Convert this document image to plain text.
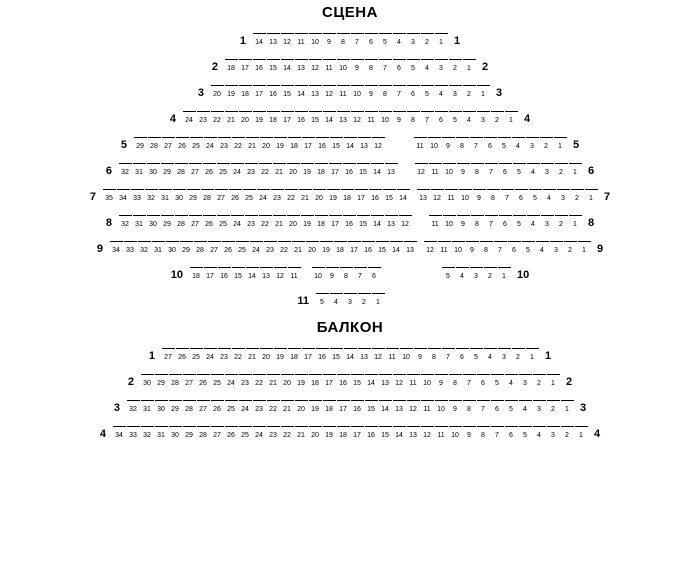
СЦЕНА
1	14 13 12 11 10	9	8	7	6	5	4	3	2	1	1
2	18 17 16 15 14 13 12 11 10	9	8	7	6	5	4	3	2	1	2
3	20 19 18 17 16 15 14 13 12 11 10	9	8	7	6	5	4	3	2	1	3
4	24 23 22 21 20 19 18 17 16 15 14 13 12 11 10	9	8	7	6	5	4	3	2	1	4
5	29 28 27 26 25 24 23 22 21 20 19 18 17 16 15 14 13 12	11 10	9	8	7	6	5	4	3	2	1	5
6	32 31 30 29 28 27 26 25 24 23 22 21 20 19 18 17 16 15 14 13	12 11 10	9	8	7	6	5	4	3	2	1	6
7	35 34 33 32 31 30 29 28 27 26 25 24 23 22 21 20 19 18 17 16 15 14	13 12 11 10	9	8	7	6	5	4	3	2	1	7
8	32 31 30 29 28 27 26 25 24 23 22 21 20 19 18 17 16 15 14 13 12	11 10	9	8	7	6	5	4	3	2	1	8
9	34 33 32 31 30 29 28 27 26 25 24 23 22 21 20 19 18 17 16 15 14 13	12 11 10	9	8	7	6	5	4	3	2	1	9
10	18 17 16 15 14 13 12 11	10	9	8	7	6	5	4	3	2	1	10
11	5	4	3	2	1
БАЛКОН
1	27 26 25 24 23 22 21 20 19 18 17 16 15 14 13 12 11 10	9	8	7	6	5	4	3	2	1	1
2	30 29 28 27 26 25 24 23 22 21 20 19 18 17 16 15 14 13 12 11 10	9	8	7	6	5	4	3	2	1	2
3	32 31 30 29 28 27 26 25 24 23 22 21 20 19 18 17 16 15 14 13 12 11 10	9	8	7	6	5	4	3	2	1	3
4	34 33 32 31 30 29 28 27 26 25 24 23 22 21 20 19 18 17 16 15 14 13 12 11 10	9	8	7	6	5	4	3	2	1	4
